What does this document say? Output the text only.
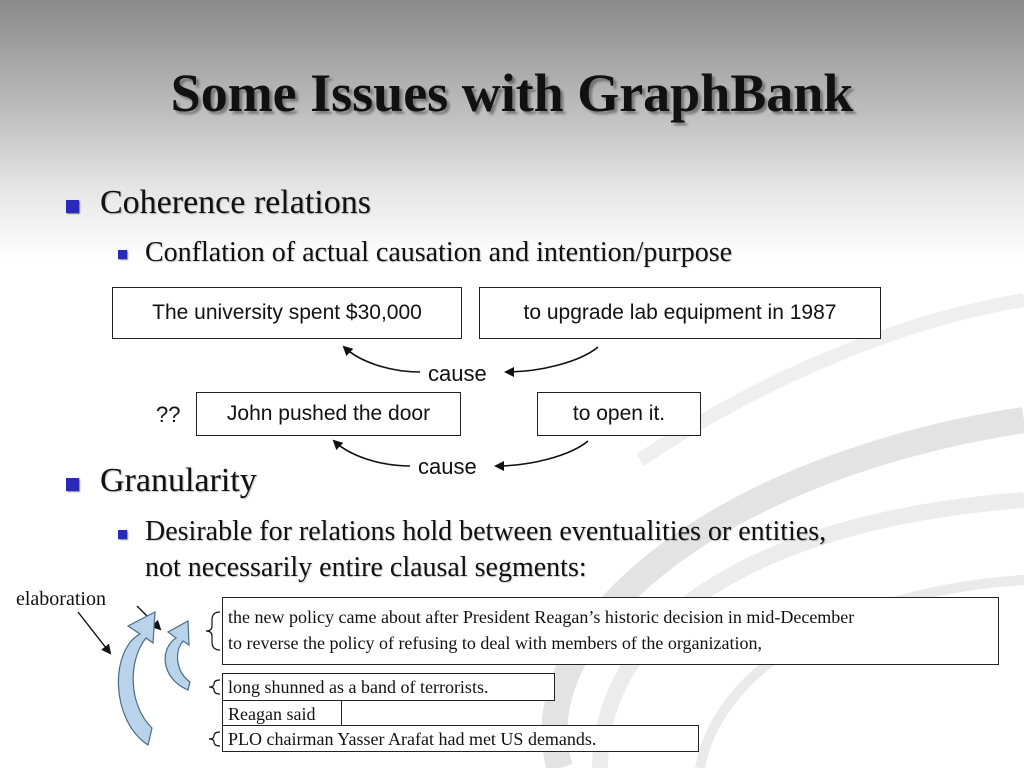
Some Issues with GraphBank
Coherence relations
Conflation of actual causation and intention/purpose
The university spent $30,000	to upgrade lab equipment in 1987
cause
??	John pushed the door	to open it.
cause
Granularity
Desirable for relations hold between eventualities or entities,
not necessarily entire clausal segments:
elaboration
the new policy came about after President Reagan’s historic decision in mid-December
to reverse the policy of refusing to deal with members of the organization,
long shunned as a band of terrorists.
Reagan said
PLO chairman Yasser Arafat had met US demands.
